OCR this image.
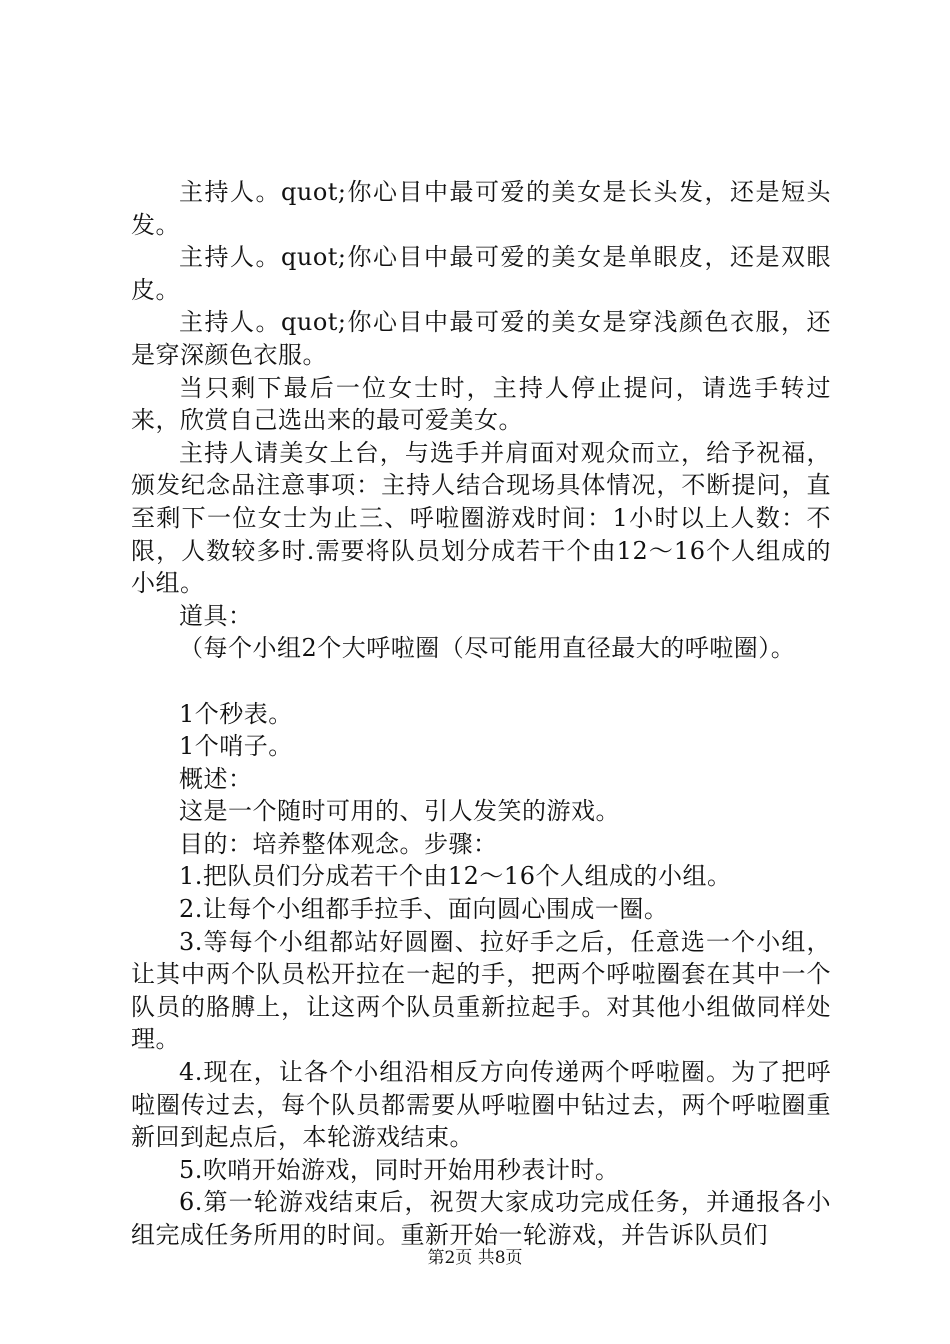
主持人。quot;你心目中最可爱的美女是长头发，还是短头发。

主持人。quot;你心目中最可爱的美女是单眼皮，还是双眼皮。

主持人。quot;你心目中最可爱的美女是穿浅颜色衣服，还是穿深颜色衣服。

当只剩下最后一位女士时，主持人停止提问，请选手转过来，欣赏自己选出来的最可爱美女。

主持人请美女上台，与选手并肩面对观众而立，给予祝福，颁发纪念品注意事项：主持人结合现场具体情况，不断提问，直至剩下一位女士为止三、呼啦圈游戏时间：1小时以上人数：不限，人数较多时.需要将队员划分成若干个由12～16个人组成的小组。

道具：

（每个小组2个大呼啦圈（尽可能用直径最大的呼啦圈）。

1个秒表。

1个哨子。

概述：

这是一个随时可用的、引人发笑的游戏。

目的：培养整体观念。步骤：

1.把队员们分成若干个由12～16个人组成的小组。

2.让每个小组都手拉手、面向圆心围成一圈。

3.等每个小组都站好圆圈、拉好手之后，任意选一个小组，让其中两个队员松开拉在一起的手，把两个呼啦圈套在其中一个队员的胳膊上，让这两个队员重新拉起手。对其他小组做同样处理。

4.现在，让各个小组沿相反方向传递两个呼啦圈。为了把呼啦圈传过去，每个队员都需要从呼啦圈中钻过去，两个呼啦圈重新回到起点后，本轮游戏结束。

5.吹哨开始游戏，同时开始用秒表计时。

6.第一轮游戏结束后，祝贺大家成功完成任务，并通报各小组完成任务所用的时间。重新开始一轮游戏，并告诉队员们

第2页 共8页
